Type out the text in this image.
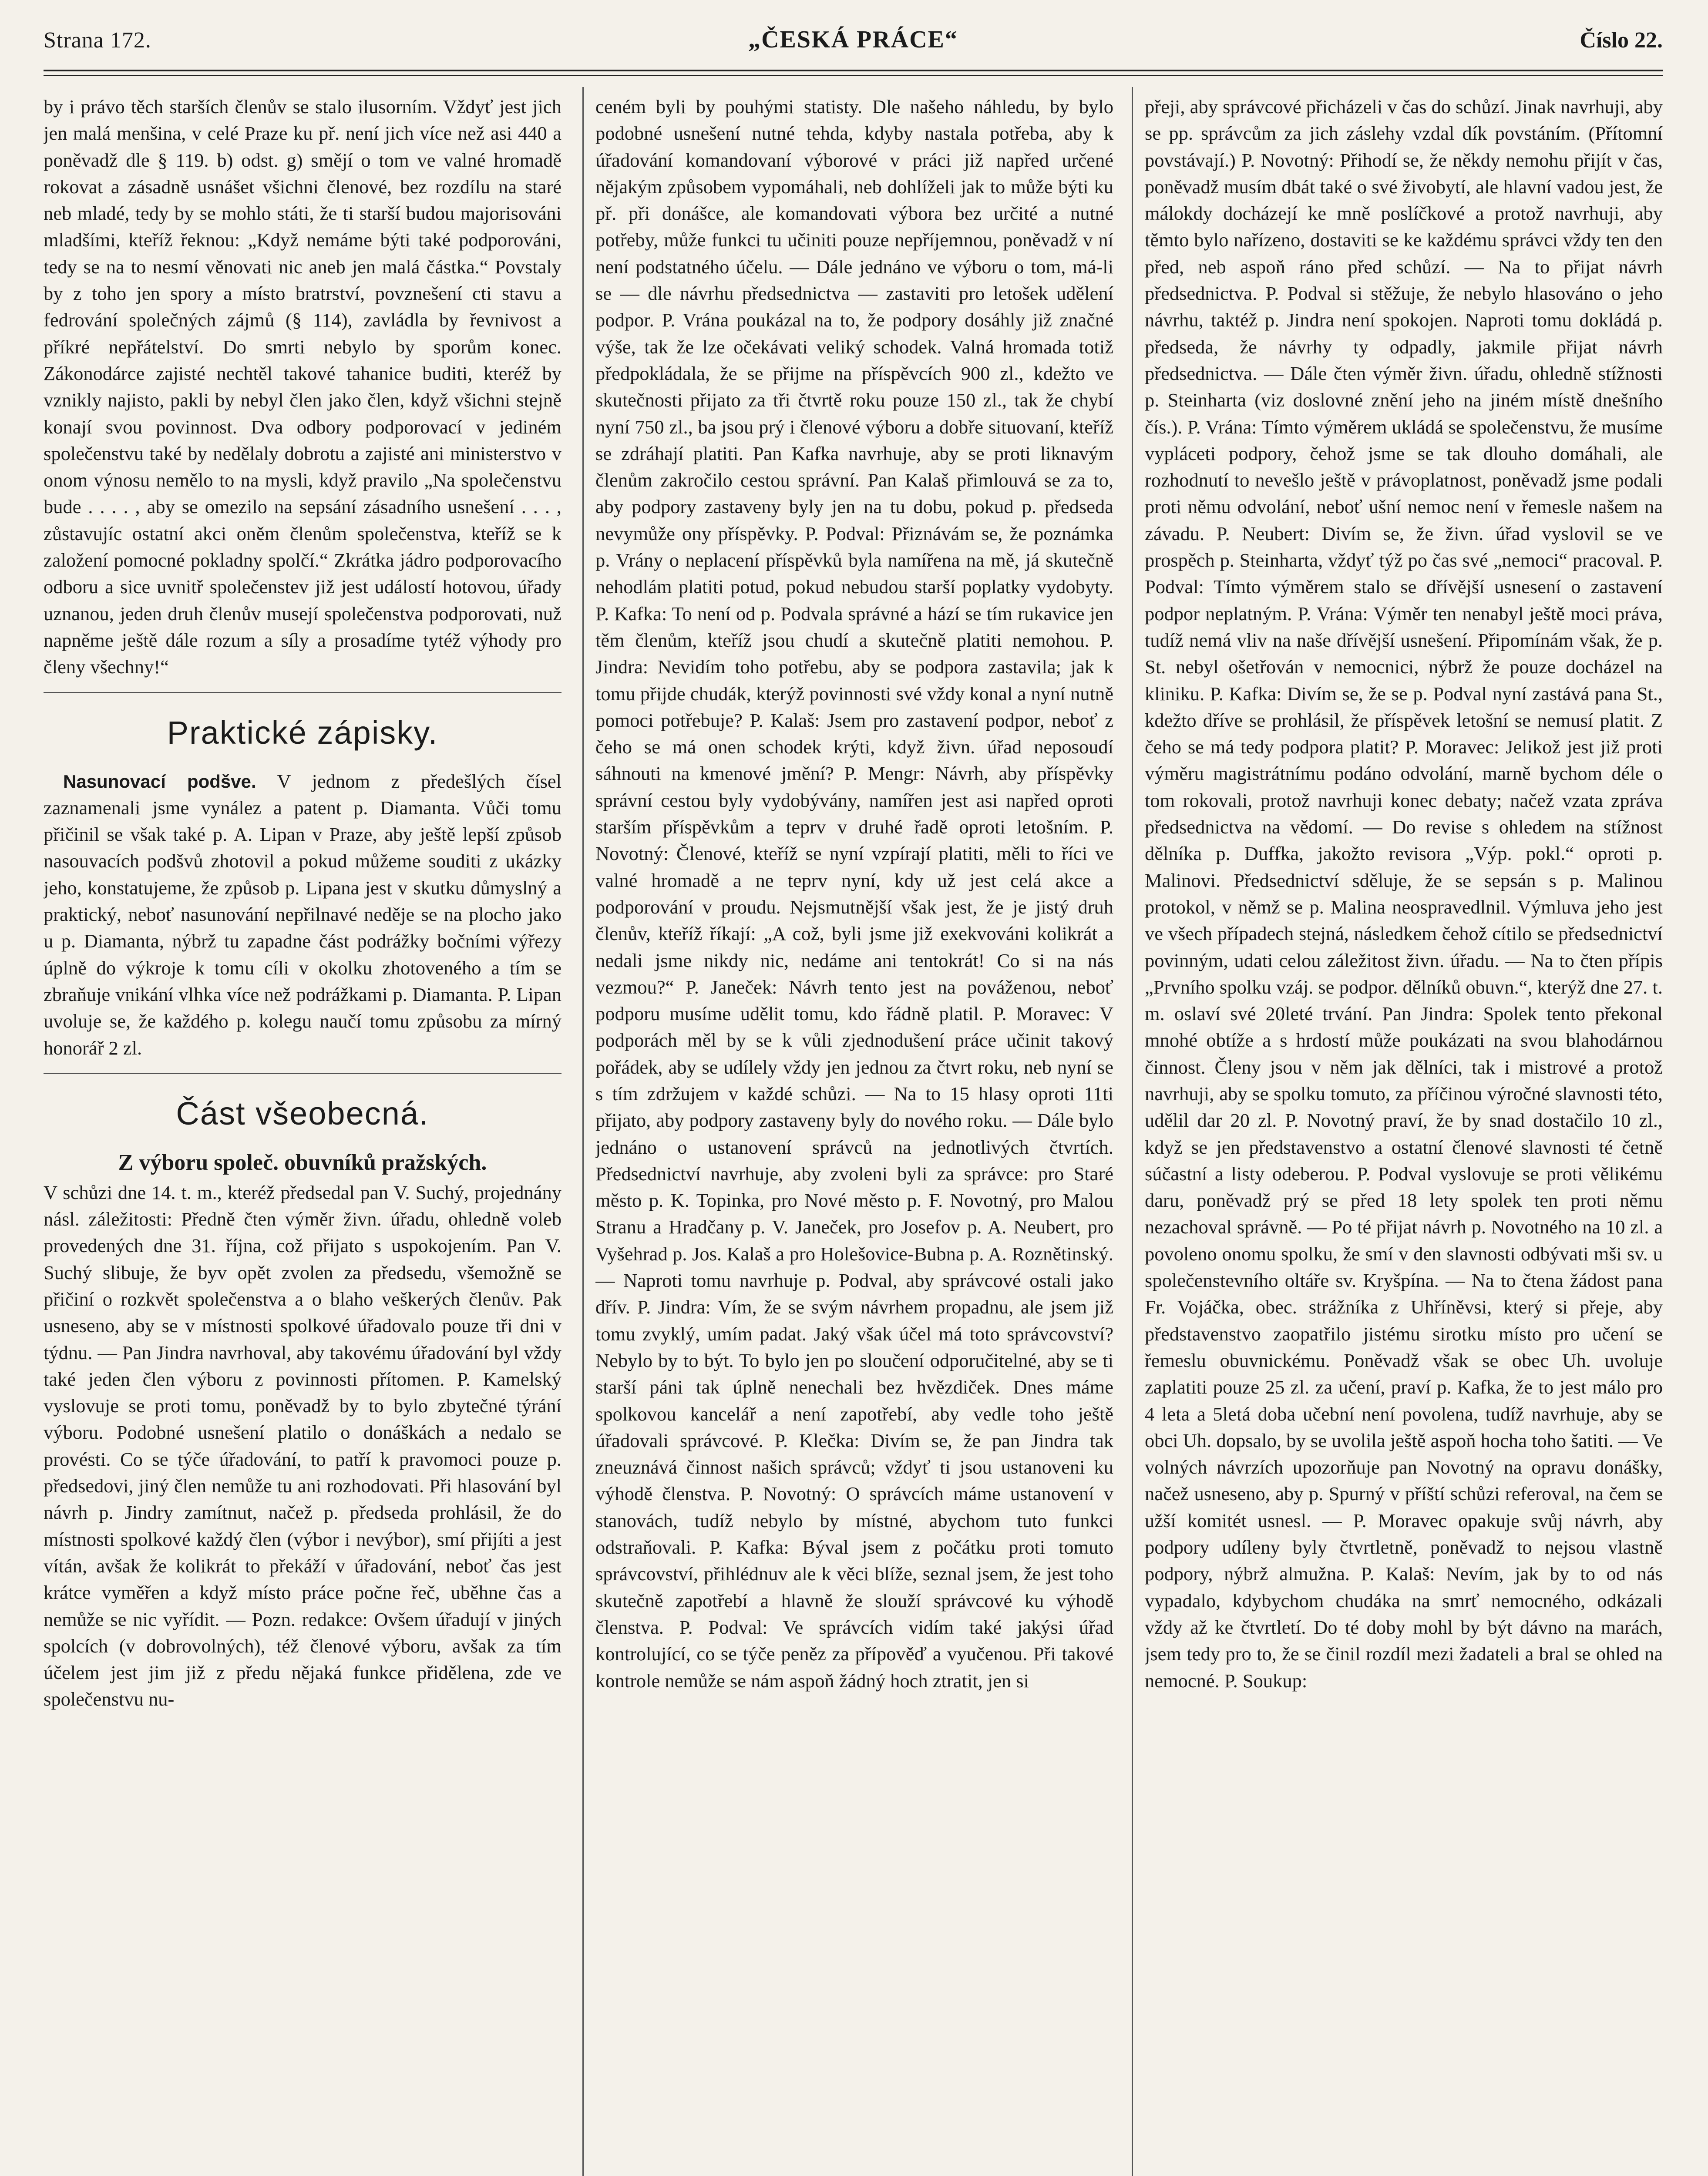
Strana 172.	„ČESKÁ PRÁCE“	Číslo 22.

by i právo těch starších členův se stalo ilusorním. Vždyť jest jich jen malá menšina, v celé Praze ku př. není jich více než asi 440 a poněvadž dle § 119. b) odst. g) smějí o tom ve valné hromadě rokovat a zásadně usnášet všichni členové, bez rozdílu na staré neb mladé, tedy by se mohlo státi, že ti starší budou majorisováni mladšími, kteříž řeknou: „Když nemáme býti také podporováni, tedy se na to nesmí věnovati nic aneb jen malá částka.“ Povstaly by z toho jen spory a místo bratrství, povznešení cti stavu a fedrování společných zájmů (§ 114), zavládla by řevnivost a příkré nepřátelství. Do smrti nebylo by sporům konec. Zákonodárce zajisté nechtěl takové tahanice buditi, kteréž by vznikly najisto, pakli by nebyl člen jako člen, když všichni stejně konají svou povinnost. Dva odbory podporovací v jediném společenstvu také by nedělaly dobrotu a zajisté ani ministerstvo v onom výnosu nemělo to na mysli, když pravilo „Na společenstvu bude . . . . , aby se omezilo na sepsání zásadního usnešení . . . , zůstavujíc ostatní akci oněm členům společenstva, kteříž se k založení pomocné pokladny spolčí.“ Zkrátka jádro podporovacího odboru a sice uvnitř společenstev již jest událostí hotovou, úřady uznanou, jeden druh členův musejí společenstva podporovati, nuž napněme ještě dále rozum a síly a prosadíme tytéž výhody pro členy všechny!“

Praktické zápisky.

Nasunovací podšve. V jednom z předešlých čísel zaznamenali jsme vynález a patent p. Diamanta. Vůči tomu přičinil se však také p. A. Lipan v Praze, aby ještě lepší způsob nasouvacích podšvů zhotovil a pokud můžeme souditi z ukázky jeho, konstatujeme, že způsob p. Lipana jest v skutku důmyslný a praktický, neboť nasunování nepřilnavé neděje se na plocho jako u p. Diamanta, nýbrž tu zapadne část podrážky bočními výřezy úplně do výkroje k tomu cíli v okolku zhotoveného a tím se zbraňuje vnikání vlhka více než podrážkami p. Diamanta. P. Lipan uvoluje se, že každého p. kolegu naučí tomu způsobu za mírný honorář 2 zl.

Část všeobecná.
Z výboru společ. obuvníků pražských.

V schůzi dne 14. t. m., kteréž předsedal pan V. Suchý, projednány násl. záležitosti: Předně čten výměr živn. úřadu, ohledně voleb provedených dne 31. října, což přijato s uspokojením. Pan V. Suchý slibuje, že byv opět zvolen za předsedu, všemožně se přičiní o rozkvět společenstva a o blaho veškerých členův. Pak usneseno, aby se v místnosti spolkové úřadovalo pouze tři dni v týdnu. — Pan Jindra navrhoval, aby takovému úřadování byl vždy také jeden člen výboru z povinnosti přítomen. P. Kamelský vyslovuje se proti tomu, poněvadž by to bylo zbytečné týrání výboru. Podobné usnešení platilo o donáškách a nedalo se provésti. Co se týče úřadování, to patří k pravomoci pouze p. předsedovi, jiný člen nemůže tu ani rozhodovati. Při hlasování byl návrh p. Jindry zamítnut, načež p. předseda prohlásil, že do místnosti spolkové každý člen (výbor i nevýbor), smí přijíti a jest vítán, avšak že kolikrát to překáží v úřadování, neboť čas jest krátce vyměřen a když místo práce počne řeč, uběhne čas a nemůže se nic vyřídit. — Pozn. redakce: Ovšem úřadují v jiných spolcích (v dobrovolných), též členové výboru, avšak za tím účelem jest jim již z předu nějaká funkce přidělena, zde ve společenstvu nu-

ceném byli by pouhými statisty. Dle našeho náhledu, by bylo podobné usnešení nutné tehda, kdyby nastala potřeba, aby k úřadování komandovaní výborové v práci již napřed určené nějakým způsobem vypomáhali, neb dohlíželi jak to může býti ku př. při donášce, ale komandovati výbora bez určité a nutné potřeby, může funkci tu učiniti pouze nepříjemnou, poněvadž v ní není podstatného účelu. — Dále jednáno ve výboru o tom, má-li se — dle návrhu předsednictva — zastaviti pro letošek udělení podpor. P. Vrána poukázal na to, že podpory dosáhly již značné výše, tak že lze očekávati veliký schodek. Valná hromada totiž předpokládala, že se přijme na příspěvcích 900 zl., kdežto ve skutečnosti přijato za tři čtvrtě roku pouze 150 zl., tak že chybí nyní 750 zl., ba jsou prý i členové výboru a dobře situovaní, kteříž se zdráhají platiti. Pan Kafka navrhuje, aby se proti liknavým členům zakročilo cestou správní. Pan Kalaš přimlouvá se za to, aby podpory zastaveny byly jen na tu dobu, pokud p. předseda nevymůže ony příspěvky. P. Podval: Přiznávám se, že poznámka p. Vrány o neplacení příspěvků byla namířena na mě, já skutečně nehodlám platiti potud, pokud nebudou starší poplatky vydobyty. P. Kafka: To není od p. Podvala správné a hází se tím rukavice jen těm členům, kteříž jsou chudí a skutečně platiti nemohou. P. Jindra: Nevidím toho potřebu, aby se podpora zastavila; jak k tomu přijde chudák, kterýž povinnosti své vždy konal a nyní nutně pomoci potřebuje? P. Kalaš: Jsem pro zastavení podpor, neboť z čeho se má onen schodek krýti, když živn. úřad neposoudí sáhnouti na kmenové jmění? P. Mengr: Návrh, aby příspěvky správní cestou byly vydobývány, namířen jest asi napřed oproti starším příspěvkům a teprv v druhé řadě oproti letošním. P. Novotný: Členové, kteříž se nyní vzpírají platiti, měli to říci ve valné hromadě a ne teprv nyní, kdy už jest celá akce a podporování v proudu. Nejsmutnější však jest, že je jistý druh členův, kteříž říkají: „A což, byli jsme již exekvováni kolikrát a nedali jsme nikdy nic, nedáme ani tentokrát! Co si na nás vezmou?“ P. Janeček: Návrh tento jest na pováženou, neboť podporu musíme udělit tomu, kdo řádně platil. P. Moravec: V podporách měl by se k vůli zjednodušení práce učinit takový pořádek, aby se udílely vždy jen jednou za čtvrt roku, neb nyní se s tím zdržujem v každé schůzi. — Na to 15 hlasy oproti 11ti přijato, aby podpory zastaveny byly do nového roku. — Dále bylo jednáno o ustanovení správců na jednotlivých čtvrtích. Předsednictví navrhuje, aby zvoleni byli za správce: pro Staré město p. K. Topinka, pro Nové město p. F. Novotný, pro Malou Stranu a Hradčany p. V. Janeček, pro Josefov p. A. Neubert, pro Vyšehrad p. Jos. Kalaš a pro Holešovice-Bubna p. A. Roznětinský. — Naproti tomu navrhuje p. Podval, aby správcové ostali jako dřív. P. Jindra: Vím, že se svým návrhem propadnu, ale jsem již tomu zvyklý, umím padat. Jaký však účel má toto správcovství? Nebylo by to být. To bylo jen po sloučení odporučitelné, aby se ti starší páni tak úplně nenechali bez hvězdiček. Dnes máme spolkovou kancelář a není zapotřebí, aby vedle toho ještě úřadovali správcové. P. Klečka: Divím se, že pan Jindra tak zneuznává činnost našich správců; vždyť ti jsou ustanoveni ku výhodě členstva. P. Novotný: O správcích máme ustanovení v stanovách, tudíž nebylo by místné, abychom tuto funkci odstraňovali. P. Kafka: Býval jsem z počátku proti tomuto správcovství, přihlédnuv ale k věci blíže, seznal jsem, že jest toho skutečně zapotřebí a hlavně že slouží správcové ku výhodě členstva. P. Podval: Ve správcích vidím také jakýsi úřad kontrolující, co se týče peněz za přípověď a vyučenou. Při takové kontrole nemůže se nám aspoň žádný hoch ztratit, jen si

přeji, aby správcové přicházeli v čas do schůzí. Jinak navrhuji, aby se pp. správcům za jich záslehy vzdal dík povstáním. (Přítomní povstávají.) P. Novotný: Přihodí se, že někdy nemohu přijít v čas, poněvadž musím dbát také o své živobytí, ale hlavní vadou jest, že málokdy docházejí ke mně poslíčkové a protož navrhuji, aby těmto bylo nařízeno, dostaviti se ke každému správci vždy ten den před, neb aspoň ráno před schůzí. — Na to přijat návrh předsednictva. P. Podval si stěžuje, že nebylo hlasováno o jeho návrhu, taktéž p. Jindra není spokojen. Naproti tomu dokládá p. předseda, že návrhy ty odpadly, jakmile přijat návrh předsednictva. — Dále čten výměr živn. úřadu, ohledně stížnosti p. Steinharta (viz doslovné znění jeho na jiném místě dnešního čís.). P. Vrána: Tímto výměrem ukládá se společenstvu, že musíme vypláceti podpory, čehož jsme se tak dlouho domáhali, ale rozhodnutí to nevešlo ještě v právoplatnost, poněvadž jsme podali proti němu odvolání, neboť ušní nemoc není v řemesle našem na závadu. P. Neubert: Divím se, že živn. úřad vyslovil se ve prospěch p. Steinharta, vždyť týž po čas své „nemoci“ pracoval. P. Podval: Tímto výměrem stalo se dřívější usnesení o zastavení podpor neplatným. P. Vrána: Výměr ten nenabyl ještě moci práva, tudíž nemá vliv na naše dřívější usnešení. Připomínám však, že p. St. nebyl ošetřován v nemocnici, nýbrž že pouze docházel na kliniku. P. Kafka: Divím se, že se p. Podval nyní zastává pana St., kdežto dříve se prohlásil, že příspěvek letošní se nemusí platit. Z čeho se má tedy podpora platit? P. Moravec: Jelikož jest již proti výměru magistrátnímu podáno odvolání, marně bychom déle o tom rokovali, protož navrhuji konec debaty; načež vzata zpráva předsednictva na vědomí. — Do revise s ohledem na stížnost dělníka p. Duffka, jakožto revisora „Výp. pokl.“ oproti p. Malinovi. Předsednictví sděluje, že se sepsán s p. Malinou protokol, v němž se p. Malina neospravedlnil. Výmluva jeho jest ve všech případech stejná, následkem čehož cítilo se předsednictví povinným, udati celou záležitost živn. úřadu. — Na to čten přípis „Prvního spolku vzáj. se podpor. dělníků obuvn.“, kterýž dne 27. t. m. oslaví své 20leté trvání. Pan Jindra: Spolek tento překonal mnohé obtíže a s hrdostí může poukázati na svou blahodárnou činnost. Členy jsou v něm jak dělníci, tak i mistrové a protož navrhuji, aby se spolku tomuto, za příčinou výročné slavnosti této, udělil dar 20 zl. P. Novotný praví, že by snad dostačilo 10 zl., když se jen představenstvo a ostatní členové slavnosti té četně súčastní a listy odeberou. P. Podval vyslovuje se proti vělikému daru, poněvadž prý se před 18 lety spolek ten proti němu nezachoval správně. — Po té přijat návrh p. Novotného na 10 zl. a povoleno onomu spolku, že smí v den slavnosti odbývati mši sv. u společenstevního oltáře sv. Kryšpína. — Na to čtena žádost pana Fr. Vojáčka, obec. strážníka z Uhříněvsi, který si přeje, aby představenstvo zaopatřilo jistému sirotku místo pro učení se řemeslu obuvnickému. Poněvadž však se obec Uh. uvoluje zaplatiti pouze 25 zl. za učení, praví p. Kafka, že to jest málo pro 4 leta a 5letá doba učební není povolena, tudíž navrhuje, aby se obci Uh. dopsalo, by se uvolila ještě aspoň hocha toho šatiti. — Ve volných návrzích upozorňuje pan Novotný na opravu donášky, načež usneseno, aby p. Spurný v příští schůzi referoval, na čem se užší komitét usnesl. — P. Moravec opakuje svůj návrh, aby podpory udíleny byly čtvrtletně, poněvadž to nejsou vlastně podpory, nýbrž almužna. P. Kalaš: Nevím, jak by to od nás vypadalo, kdybychom chudáka na smrť nemocného, odkázali vždy až ke čtvrtletí. Do té doby mohl by být dávno na marách, jsem tedy pro to, že se činil rozdíl mezi žadateli a bral se ohled na nemocné. P. Soukup:
